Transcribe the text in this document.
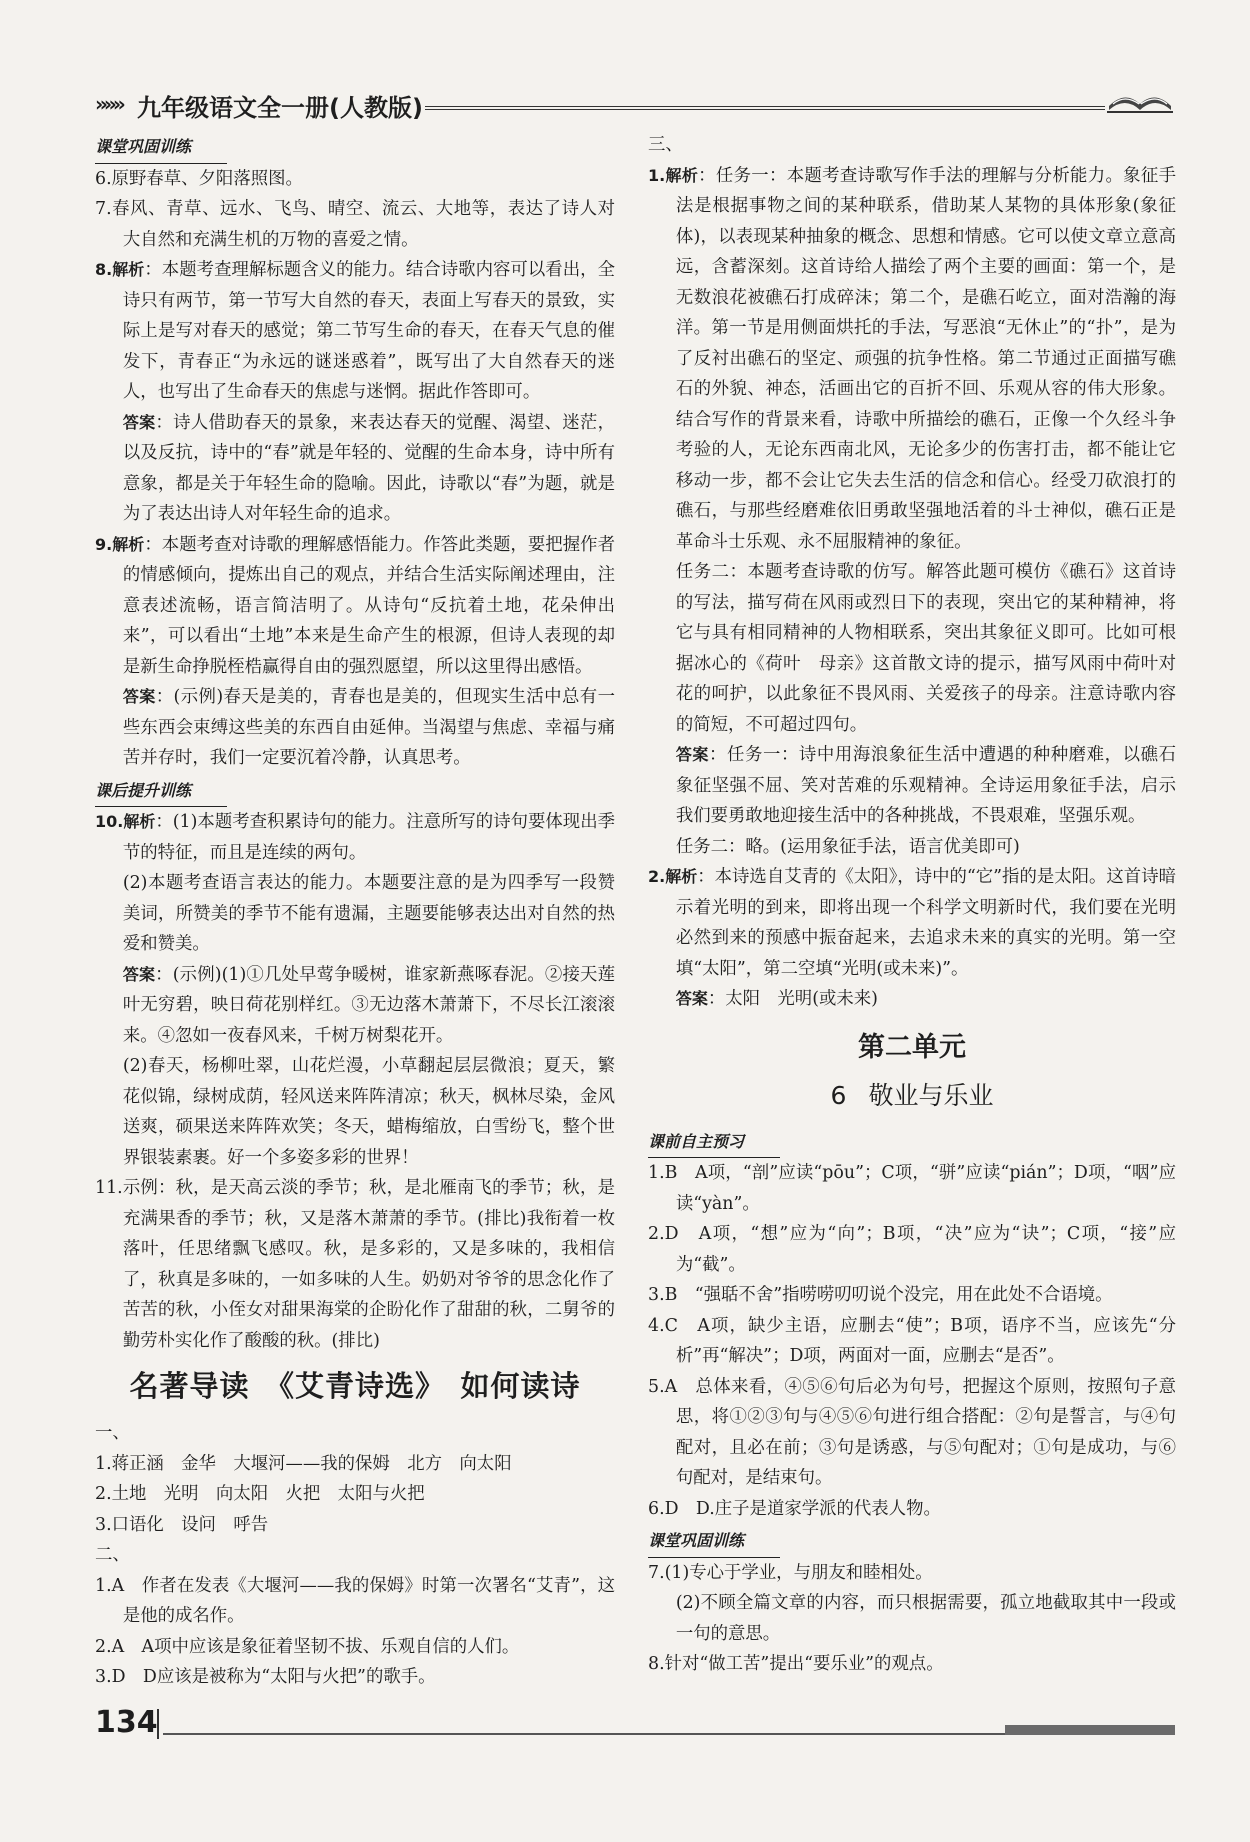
»»» 九年级语文全一册(人教版)
课堂巩固训练

6.原野春草、夕阳落照图。

7.春风、青草、远水、飞鸟、晴空、流云、大地等，表达了诗人对大自然和充满生机的万物的喜爱之情。

8.解析：本题考查理解标题含义的能力。结合诗歌内容可以看出，全诗只有两节，第一节写大自然的春天，表面上写春天的景致，实际上是写对春天的感觉；第二节写生命的春天，在春天气息的催发下，青春正“为永远的谜迷惑着”，既写出了大自然春天的迷人，也写出了生命春天的焦虑与迷惘。据此作答即可。

答案：诗人借助春天的景象，来表达春天的觉醒、渴望、迷茫，以及反抗，诗中的“春”就是年轻的、觉醒的生命本身，诗中所有意象，都是关于年轻生命的隐喻。因此，诗歌以“春”为题，就是为了表达出诗人对年轻生命的追求。

9.解析：本题考查对诗歌的理解感悟能力。作答此类题，要把握作者的情感倾向，提炼出自己的观点，并结合生活实际阐述理由，注意表述流畅，语言简洁明了。从诗句“反抗着土地，花朵伸出来”，可以看出“土地”本来是生命产生的根源，但诗人表现的却是新生命挣脱桎梏赢得自由的强烈愿望，所以这里得出感悟。

答案：(示例)春天是美的，青春也是美的，但现实生活中总有一些东西会束缚这些美的东西自由延伸。当渴望与焦虑、幸福与痛苦并存时，我们一定要沉着冷静，认真思考。

课后提升训练

10.解析：(1)本题考查积累诗句的能力。注意所写的诗句要体现出季节的特征，而且是连续的两句。

(2)本题考查语言表达的能力。本题要注意的是为四季写一段赞美词，所赞美的季节不能有遗漏，主题要能够表达出对自然的热爱和赞美。

答案：(示例)(1)①几处早莺争暖树，谁家新燕啄春泥。②接天莲叶无穷碧，映日荷花别样红。③无边落木萧萧下，不尽长江滚滚来。④忽如一夜春风来，千树万树梨花开。

(2)春天，杨柳吐翠，山花烂漫，小草翻起层层微浪；夏天，繁花似锦，绿树成荫，轻风送来阵阵清凉；秋天，枫林尽染，金风送爽，硕果送来阵阵欢笑；冬天，蜡梅缩放，白雪纷飞，整个世界银装素裹。好一个多姿多彩的世界！

11.示例：秋，是天高云淡的季节；秋，是北雁南飞的季节；秋，是充满果香的季节；秋，又是落木萧萧的季节。(排比)我衔着一枚落叶，任思绪飘飞感叹。秋，是多彩的，又是多味的，我相信了，秋真是多味的，一如多味的人生。奶奶对爷爷的思念化作了苦苦的秋，小侄女对甜果海棠的企盼化作了甜甜的秋，二舅爷的勤劳朴实化作了酸酸的秋。(排比)

名著导读　《艾青诗选》　如何读诗

一、

1.蒋正涵　金华　大堰河——我的保姆　北方　向太阳

2.土地　光明　向太阳　火把　太阳与火把

3.口语化　设问　呼告

二、

1.A　作者在发表《大堰河——我的保姆》时第一次署名“艾青”，这是他的成名作。

2.A　A项中应该是象征着坚韧不拔、乐观自信的人们。

3.D　D应该是被称为“太阳与火把”的歌手。

三、

1.解析：任务一：本题考查诗歌写作手法的理解与分析能力。象征手法是根据事物之间的某种联系，借助某人某物的具体形象(象征体)，以表现某种抽象的概念、思想和情感。它可以使文章立意高远，含蓄深刻。这首诗给人描绘了两个主要的画面：第一个，是无数浪花被礁石打成碎沫；第二个，是礁石屹立，面对浩瀚的海洋。第一节是用侧面烘托的手法，写恶浪“无休止”的“扑”，是为了反衬出礁石的坚定、顽强的抗争性格。第二节通过正面描写礁石的外貌、神态，活画出它的百折不回、乐观从容的伟大形象。结合写作的背景来看，诗歌中所描绘的礁石，正像一个久经斗争考验的人，无论东西南北风，无论多少的伤害打击，都不能让它移动一步，都不会让它失去生活的信念和信心。经受刀砍浪打的礁石，与那些经磨难依旧勇敢坚强地活着的斗士神似，礁石正是革命斗士乐观、永不屈服精神的象征。

任务二：本题考查诗歌的仿写。解答此题可模仿《礁石》这首诗的写法，描写荷在风雨或烈日下的表现，突出它的某种精神，将它与具有相同精神的人物相联系，突出其象征义即可。比如可根据冰心的《荷叶　母亲》这首散文诗的提示，描写风雨中荷叶对花的呵护，以此象征不畏风雨、关爱孩子的母亲。注意诗歌内容的简短，不可超过四句。

答案：任务一：诗中用海浪象征生活中遭遇的种种磨难，以礁石象征坚强不屈、笑对苦难的乐观精神。全诗运用象征手法，启示我们要勇敢地迎接生活中的各种挑战，不畏艰难，坚强乐观。

任务二：略。(运用象征手法，语言优美即可)

2.解析：本诗选自艾青的《太阳》，诗中的“它”指的是太阳。这首诗暗示着光明的到来，即将出现一个科学文明新时代，我们要在光明必然到来的预感中振奋起来，去追求未来的真实的光明。第一空填“太阳”，第二空填“光明(或未来)”。

答案：太阳　光明(或未来)

第二单元
6 敬业与乐业
课前自主预习

1.B　A项，“剖”应读“pōu”；C项，“骈”应读“pián”；D项，“咽”应读“yàn”。

2.D　A项，“想”应为“向”；B项，“决”应为“诀”；C项，“接”应为“截”。

3.B　“强聒不舍”指唠唠叨叨说个没完，用在此处不合语境。

4.C　A项，缺少主语，应删去“使”；B项，语序不当，应该先“分析”再“解决”；D项，两面对一面，应删去“是否”。

5.A　总体来看，④⑤⑥句后必为句号，把握这个原则，按照句子意思，将①②③句与④⑤⑥句进行组合搭配：②句是誓言，与④句配对，且必在前；③句是诱惑，与⑤句配对；①句是成功，与⑥句配对，是结束句。

6.D　D.庄子是道家学派的代表人物。

课堂巩固训练

7.(1)专心于学业，与朋友和睦相处。

(2)不顾全篇文章的内容，而只根据需要，孤立地截取其中一段或一句的意思。

8.针对“做工苦”提出“要乐业”的观点。

134
